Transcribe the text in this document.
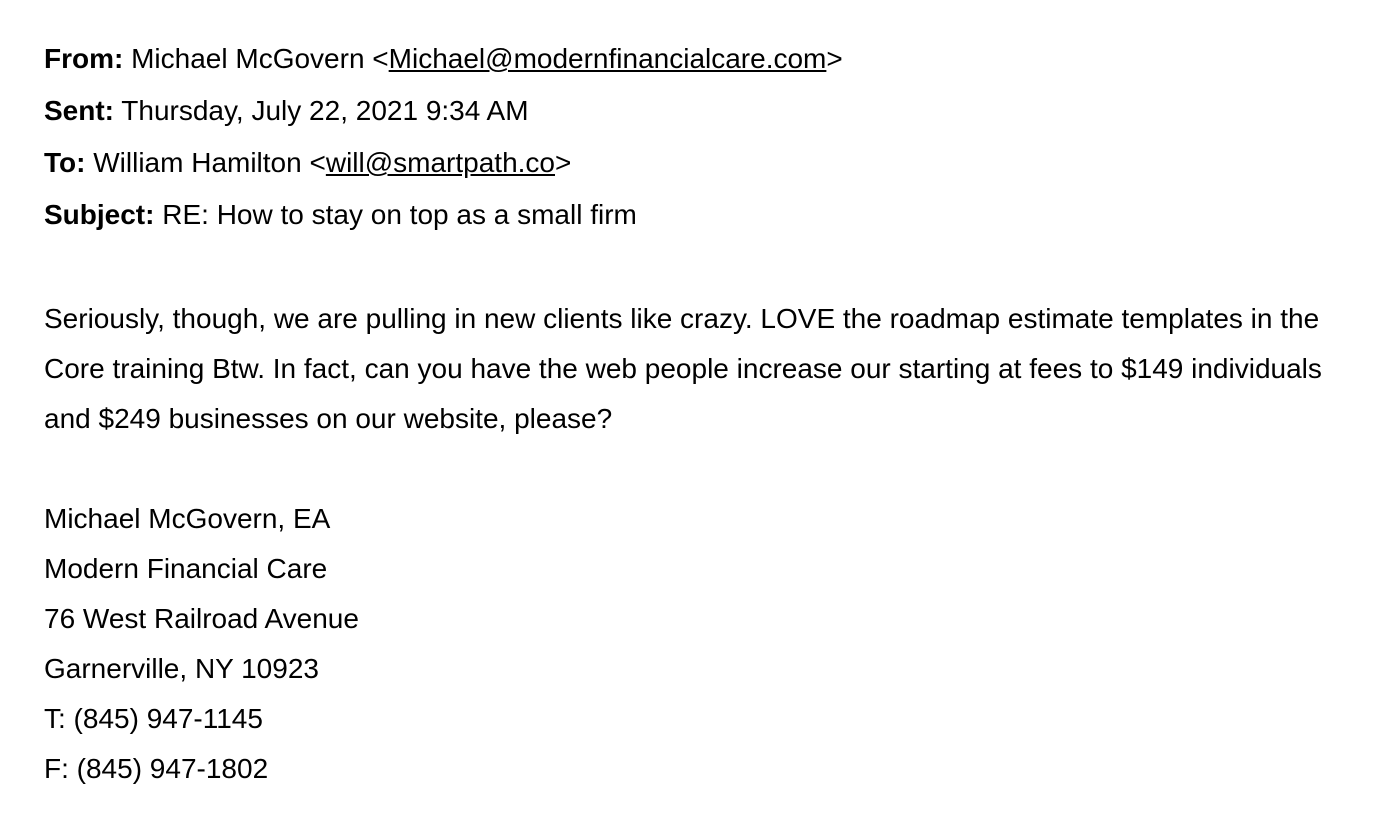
From: Michael McGovern <Michael@modernfinancialcare.com>
Sent: Thursday, July 22, 2021 9:34 AM
To: William Hamilton <will@smartpath.co>
Subject: RE: How to stay on top as a small firm

Seriously, though, we are pulling in new clients like crazy. LOVE the roadmap estimate templates in the Core training Btw. In fact, can you have the web people increase our starting at fees to $149 individuals and $249 businesses on our website, please?

Michael McGovern, EA
Modern Financial Care
76 West Railroad Avenue
Garnerville, NY 10923
T: (845) 947-1145
F: (845) 947-1802
